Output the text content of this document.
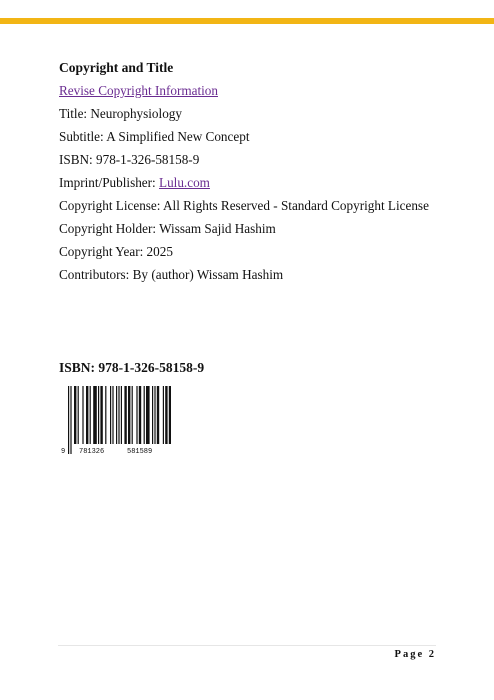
Copyright and Title

Revise Copyright Information

Title: Neurophysiology

Subtitle: A Simplified New Concept

ISBN: 978-1-326-58158-9

Imprint/Publisher: Lulu.com

Copyright License: All Rights Reserved - Standard Copyright License

Copyright Holder: Wissam Sajid Hashim

Copyright Year: 2025

Contributors: By (author) Wissam Hashim

ISBN: 978-1-326-58158-9
9 781326	581589
Page 2
